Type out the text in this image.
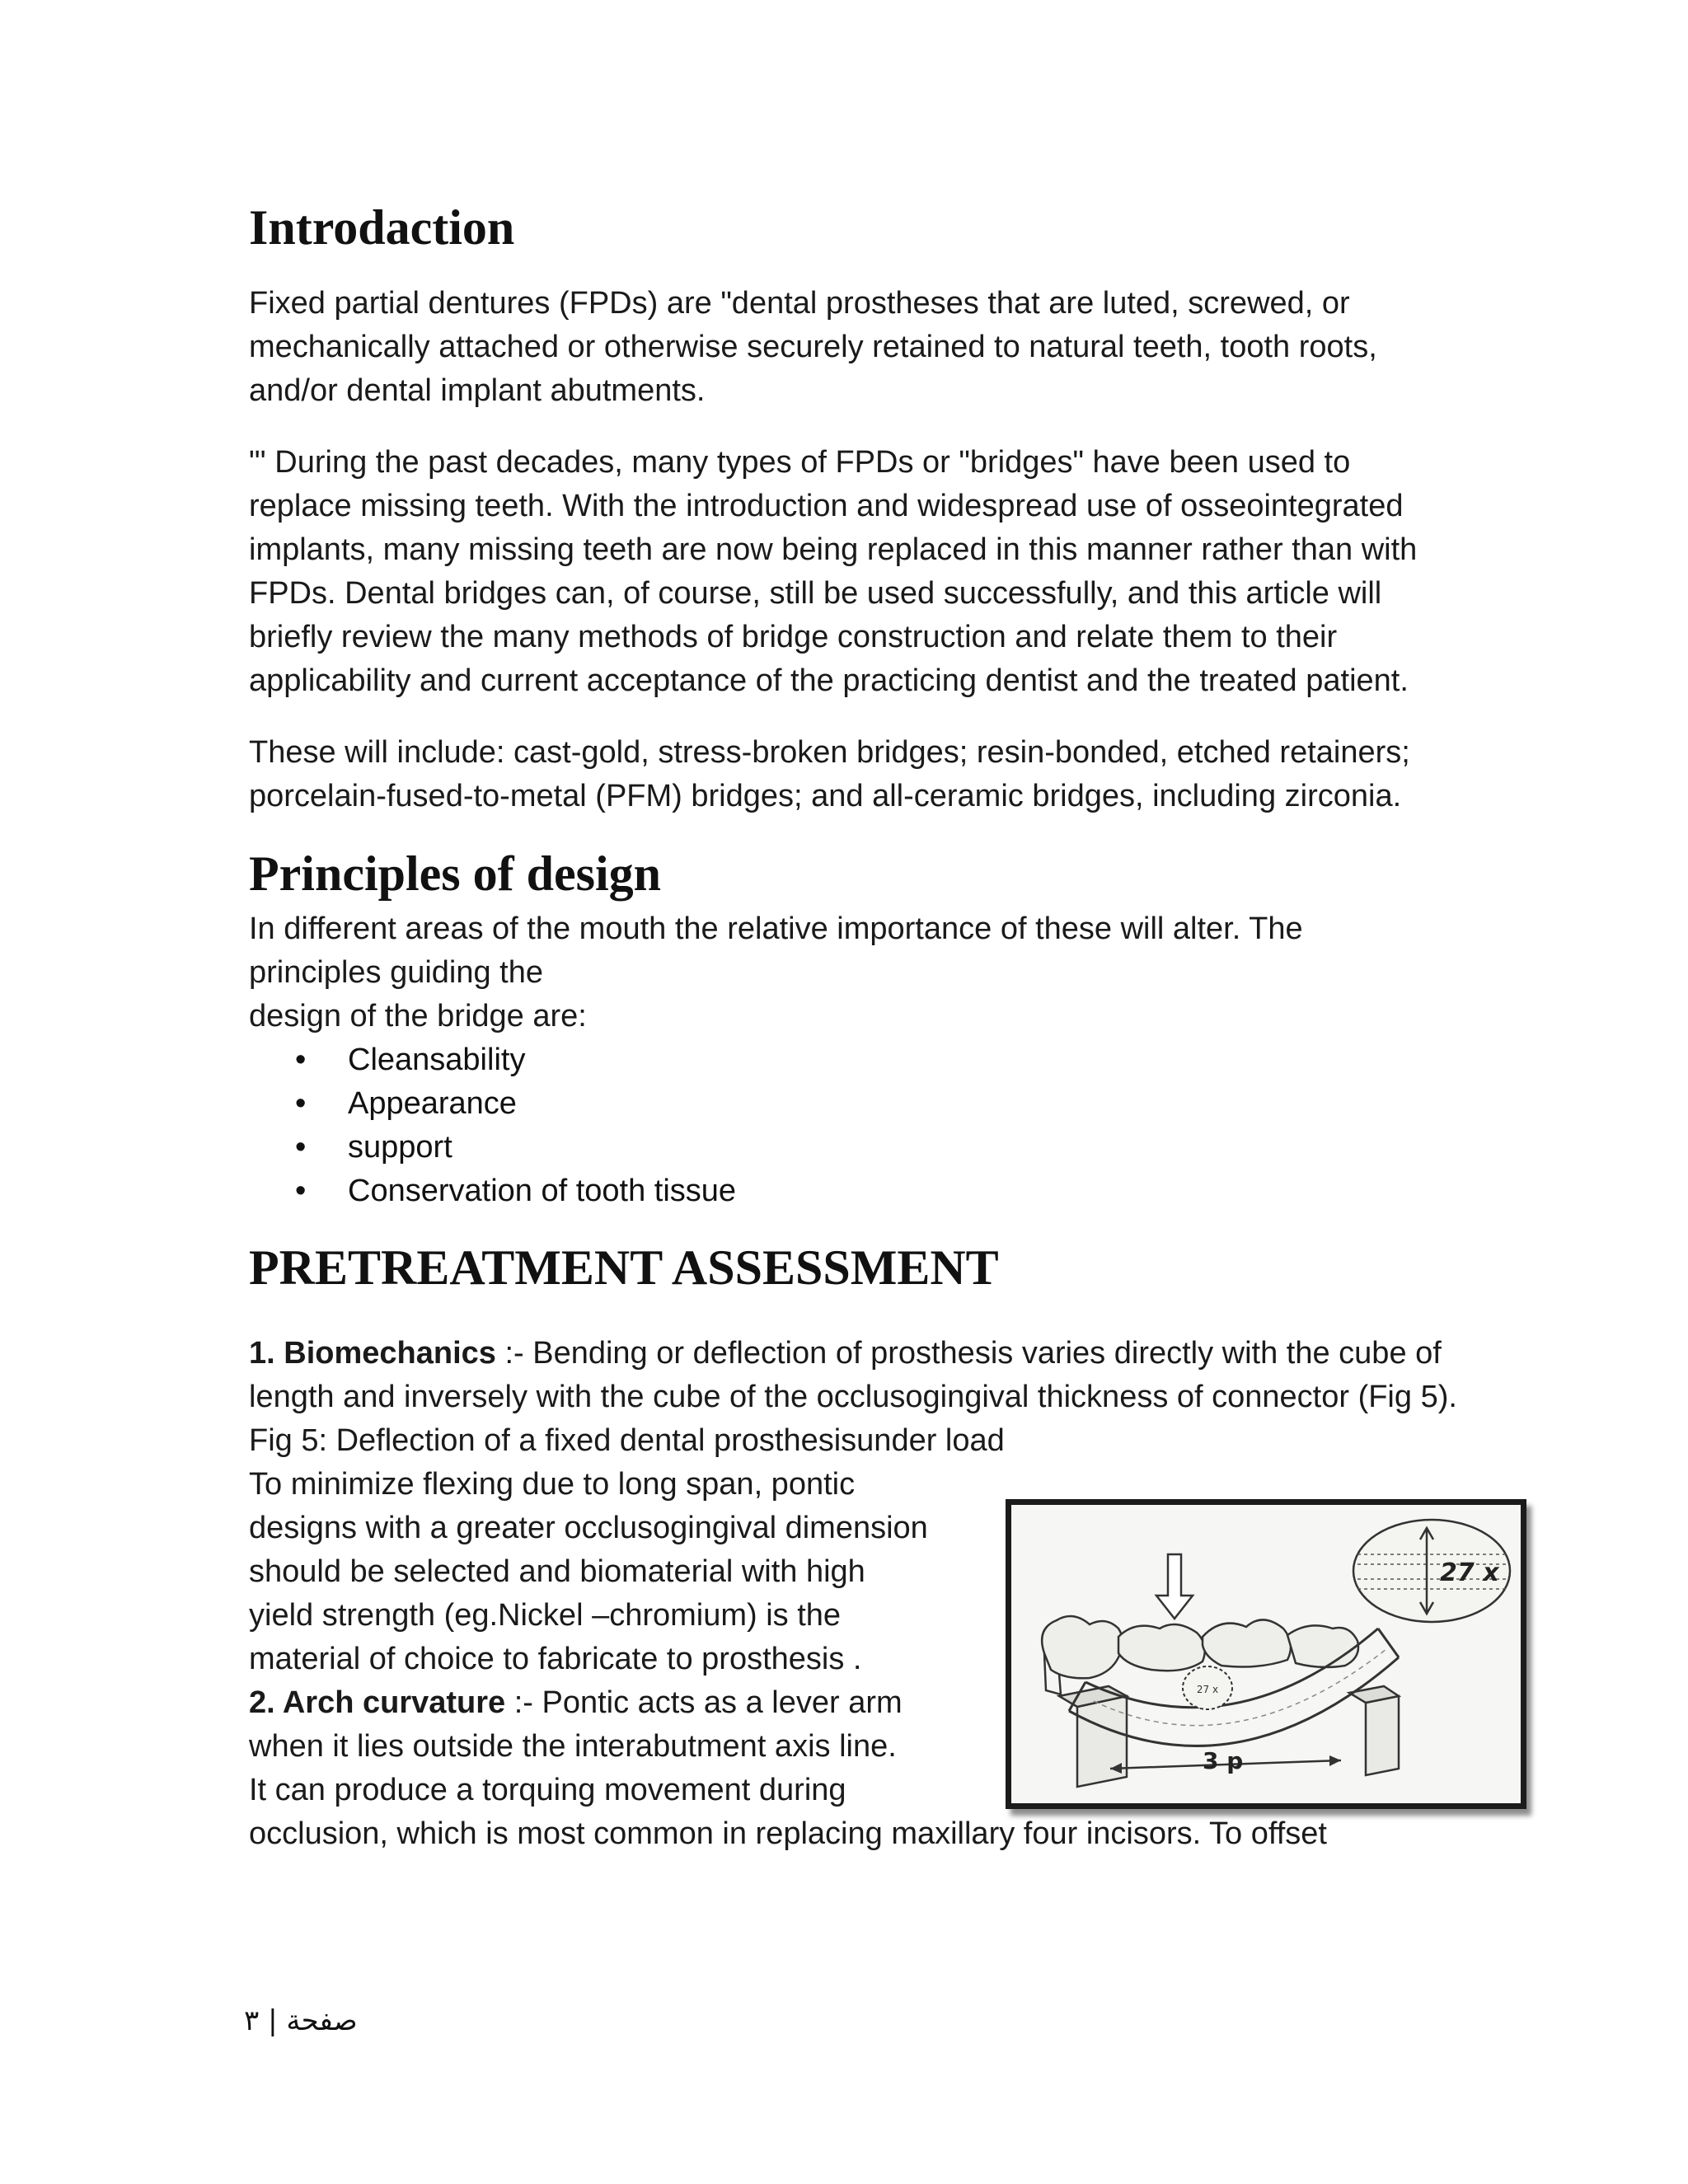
Introdaction

Fixed partial dentures (FPDs) are "dental prostheses that are luted, screwed, or mechanically attached or otherwise securely retained to natural teeth, tooth roots, and/or dental implant abutments.

"' During the past decades, many types of FPDs or "bridges" have been used to replace missing teeth. With the introduction and widespread use of osseointegrated implants, many missing teeth are now being replaced in this manner rather than with FPDs. Dental bridges can, of course, still be used successfully, and this article will briefly review the many methods of bridge construction and relate them to their applicability and current acceptance of the practicing dentist and the treated patient.

These will include: cast-gold, stress-broken bridges; resin-bonded, etched retainers; porcelain-fused-to-metal (PFM) bridges; and all-ceramic bridges, including zirconia.

Principles of design

In different areas of the mouth the relative importance of these will alter. The

principles guiding the

design of the bridge are:

• Cleansability
• Appearance
• support
• Conservation of tooth tissue
PRETREATMENT ASSESSMENT

1. Biomechanics :- Bending or deflection of prosthesis varies directly with the cube of length and inversely with the cube of the occlusogingival thickness of connector (Fig 5). Fig 5: Deflection of a fixed dental prosthesisunder load

To minimize flexing due to long span, pontic

designs with a greater occlusogingival dimension

should be selected and biomaterial with high

yield strength (eg.Nickel –chromium) is the

material of choice to fabricate to prosthesis .

2. Arch curvature :- Pontic acts as a lever arm

when it lies outside the interabutment axis line.

It can produce a torquing movement during

occlusion, which is most common in replacing maxillary four incisors. To offset

27 x
27 x
3 p
صفحة | ٣
